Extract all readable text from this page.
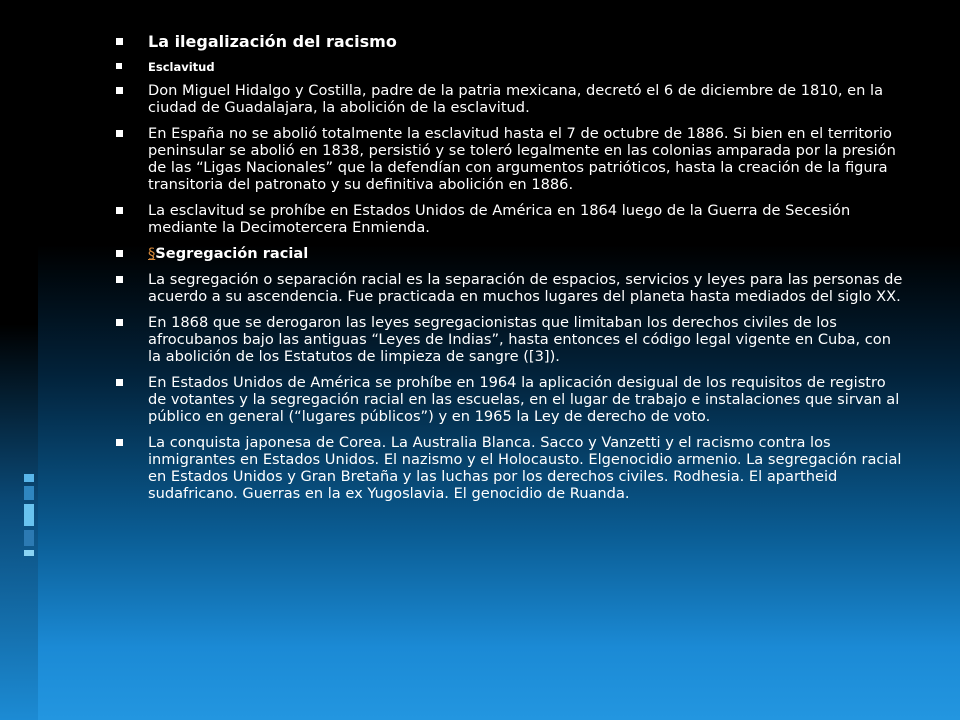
La ilegalización del racismo
Esclavitud
Don Miguel Hidalgo y Costilla, padre de la patria mexicana, decretó el 6 de diciembre de 1810, en la ciudad de Guadalajara, la abolición de la esclavitud.
En España no se abolió totalmente la esclavitud hasta el 7 de octubre de 1886. Si bien en el territorio peninsular se abolió en 1838, persistió y se toleró legalmente en las colonias amparada por la presión de las “Ligas Nacionales” que la defendían con argumentos patrióticos, hasta la creación de la figura transitoria del patronato y su definitiva abolición en 1886.
La esclavitud se prohíbe en Estados Unidos de América en 1864 luego de la Guerra de Secesión mediante la Decimotercera Enmienda.
§Segregación racial
La segregación o separación racial es la separación de espacios, servicios y leyes para las personas de acuerdo a su ascendencia. Fue practicada en muchos lugares del planeta hasta mediados del siglo XX.
En 1868 que se derogaron las leyes segregacionistas que limitaban los derechos civiles de los afrocubanos bajo las antiguas “Leyes de Indias”, hasta entonces el código legal vigente en Cuba, con la abolición de los Estatutos de limpieza de sangre ([3]).
En Estados Unidos de América se prohíbe en 1964 la aplicación desigual de los requisitos de registro de votantes y la segregación racial en las escuelas, en el lugar de trabajo e instalaciones que sirvan al público en general (“lugares públicos”) y en 1965 la Ley de derecho de voto.
La conquista japonesa de Corea. La Australia Blanca. Sacco y Vanzetti y el racismo contra los inmigrantes en Estados Unidos. El nazismo y el Holocausto. Elgenocidio armenio. La segregación racial en Estados Unidos y Gran Bretaña y las luchas por los derechos civiles. Rodhesia. El apartheid sudafricano. Guerras en la ex Yugoslavia. El genocidio de Ruanda.
